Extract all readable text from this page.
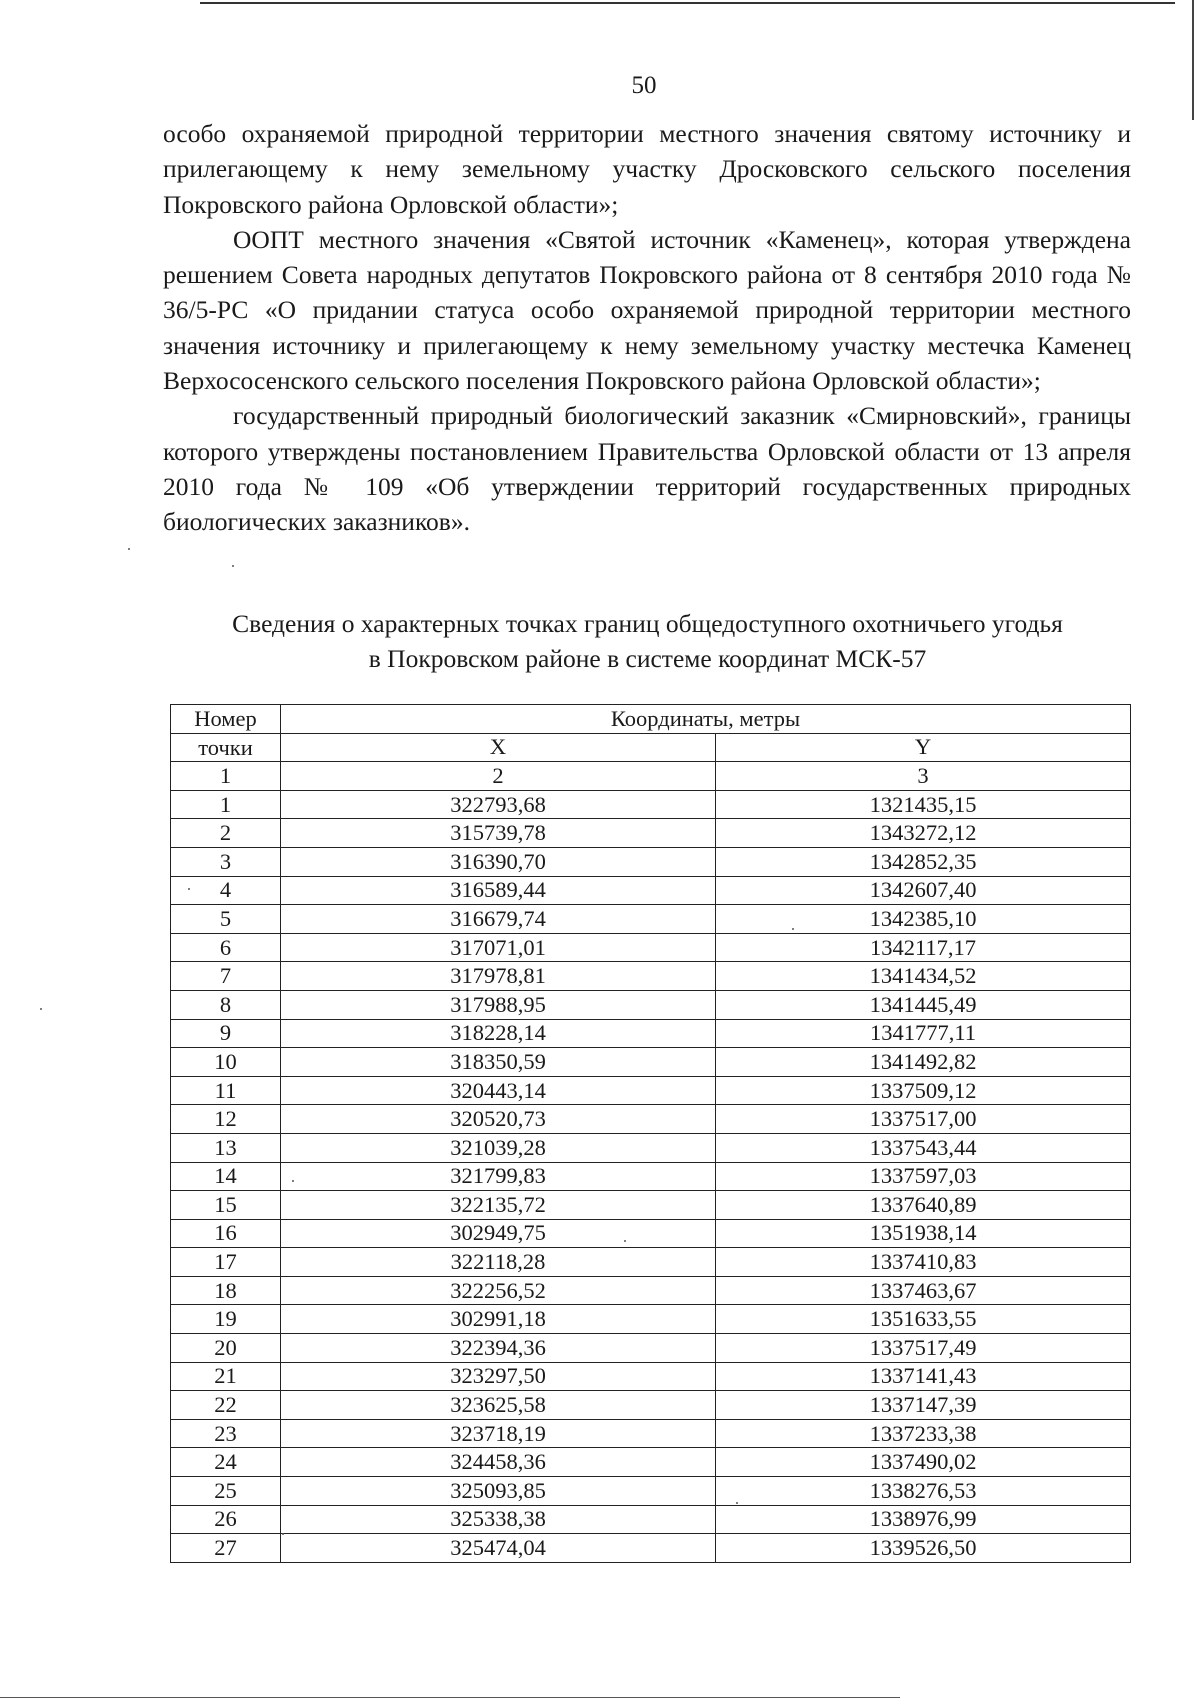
50

особо охраняемой природной территории местного значения святому источнику и прилегающему к нему земельному участку Дросковского сельского поселения Покровского района Орловской области»;

ООПТ местного значения «Святой источник «Каменец», которая утверждена решением Совета народных депутатов Покровского района от 8 сентября 2010 года № 36/5-РС «О придании статуса особо охраняемой природной территории местного значения источнику и прилегающему к нему земельному участку местечка Каменец Верхососенского сельского поселения Покровского района Орловской области»;

государственный природный биологический заказник «Смирновский», границы которого утверждены постановлением Правительства Орловской области от 13 апреля 2010 года № 109 «Об утверждении территорий государственных природных биологических заказников».

Сведения о характерных точках границ общедоступного охотничьего угодья
в Покровском районе в системе координат МСК-57
Номер	Координаты, метры	
точки	X	Y
1	2	3
1	322793,68	1321435,15
2	315739,78	1343272,12
3	316390,70	1342852,35
4	316589,44	1342607,40
5	316679,74	1342385,10
6	317071,01	1342117,17
7	317978,81	1341434,52
8	317988,95	1341445,49
9	318228,14	1341777,11
10	318350,59	1341492,82
11	320443,14	1337509,12
12	320520,73	1337517,00
13	321039,28	1337543,44
14	321799,83	1337597,03
15	322135,72	1337640,89
16	302949,75	1351938,14
17	322118,28	1337410,83
18	322256,52	1337463,67
19	302991,18	1351633,55
20	322394,36	1337517,49
21	323297,50	1337141,43
22	323625,58	1337147,39
23	323718,19	1337233,38
24	324458,36	1337490,02
25	325093,85	1338276,53
26	325338,38	1338976,99
27	325474,04	1339526,50
